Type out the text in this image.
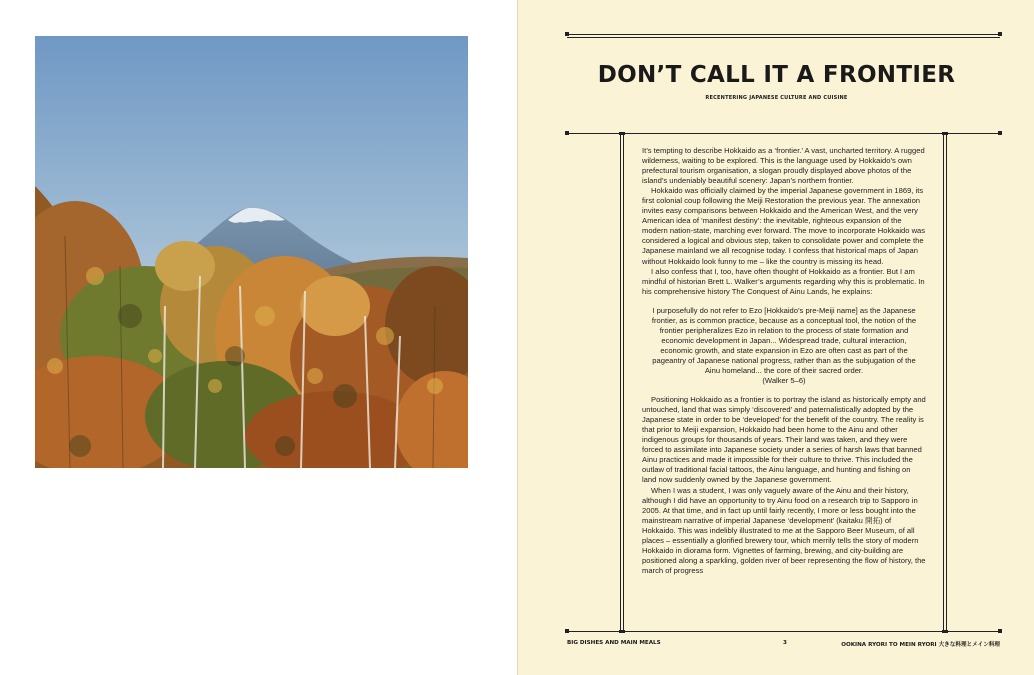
DON’T CALL IT A FRONTIER
RECENTERING JAPANESE CULTURE AND CUISINE

It’s tempting to describe Hokkaido as a ‘frontier.’ A vast, uncharted territory. A rugged wilderness, waiting to be explored. This is the language used by Hokkaido’s own prefectural tourism organisation, a slogan proudly displayed above photos of the island’s undeniably beautiful scenery: Japan’s northern frontier.

Hokkaido was officially claimed by the imperial Japanese government in 1869, its first colonial coup following the Meiji Restoration the previous year. The annexation invites easy comparisons between Hokkaido and the American West, and the very American idea of ‘manifest destiny’: the inevitable, righteous expansion of the modern nation-state, marching ever forward. The move to incorporate Hokkaido was considered a logical and obvious step, taken to consolidate power and complete the Japanese mainland we all recognise today. I confess that historical maps of Japan without Hokkaido look funny to me – like the country is missing its head.

I also confess that I, too, have often thought of Hokkaido as a frontier. But I am mindful of historian Brett L. Walker’s arguments regarding why this is problematic. In his comprehensive history The Conquest of Ainu Lands, he explains:

I purposefully do not refer to Ezo [Hokkaido’s pre-Meiji name] as the Japanese frontier, as is common practice, because as a conceptual tool, the notion of the frontier peripheralizes Ezo in relation to the process of state formation and economic development in Japan... Widespread trade, cultural interaction, economic growth, and state expansion in Ezo are often cast as part of the pageantry of Japanese national progress, rather than as the subjugation of the Ainu homeland... the core of their sacred order.
(Walker 5–6)

Positioning Hokkaido as a frontier is to portray the island as historically empty and untouched, land that was simply ‘discovered’ and paternalistically adopted by the Japanese state in order to be ‘developed’ for the benefit of the country. The reality is that prior to Meiji expansion, Hokkaido had been home to the Ainu and other indigenous groups for thousands of years. Their land was taken, and they were forced to assimilate into Japanese society under a series of harsh laws that banned Ainu practices and made it impossible for their culture to thrive. This included the outlaw of traditional facial tattoos, the Ainu language, and hunting and fishing on land now suddenly owned by the Japanese government.

When I was a student, I was only vaguely aware of the Ainu and their history, although I did have an opportunity to try Ainu food on a research trip to Sapporo in 2005. At that time, and in fact up until fairly recently, I more or less bought into the mainstream narrative of imperial Japanese ‘development’ (kaitaku 開拓) of Hokkaido. This was indelibly illustrated to me at the Sapporo Beer Museum, of all places – essentially a glorified brewery tour, which merrily tells the story of modern Hokkaido in diorama form. Vignettes of farming, brewing, and city-building are positioned along a sparkling, golden river of beer representing the flow of history, the march of progress

BIG DISHES AND MAIN MEALS	3	OOKINA RYORI TO MEIN RYORI 大きな料理とメイン料理
